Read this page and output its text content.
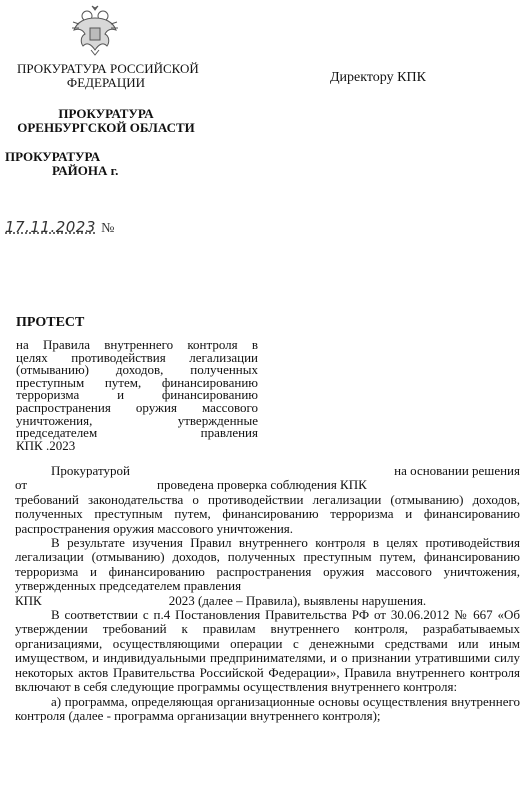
ПРОКУРАТУРА РОССИЙСКОЙ
ФЕДЕРАЦИИ
ПРОКУРАТУРА
ОРЕНБУРГСКОЙ ОБЛАСТИ
ПРОКУРАТУРА
РАЙОНА г.
Директору КПК
17.11.2023 №
ПРОТЕСТ
на Правила внутреннего контроля в
целях противодействия легализации
(отмыванию) доходов, полученных
преступным путем, финансированию
терроризма и финансированию
распространения оружия массового
уничтожения, утвержденные
председателем правления
КПК .2023
Прокуратурой	на основании решения
от	проведена проверка соблюдения КПК

требований законодательства о противодействии легализации (отмыванию) доходов, полученных преступным путем, финансированию терроризма и финансированию распространения оружия массового уничтожения.

В результате изучения Правил внутреннего контроля в целях противодействия легализации (отмыванию) доходов, полученных преступным путем, финансированию терроризма и финансированию распространения оружия массового уничтожения, утвержденных председателем правления

КПК	2023 (далее – Правила), выявлены нарушения.

В соответствии с п.4 Постановления Правительства РФ от 30.06.2012 № 667 «Об утверждении требований к правилам внутреннего контроля, разрабатываемых организациями, осуществляющими операции с денежными средствами или иным имуществом, и индивидуальными предпринимателями, и о признании утратившими силу некоторых актов Правительства Российской Федерации», Правила внутреннего контроля включают в себя следующие программы осуществления внутреннего контроля:

а) программа, определяющая организационные основы осуществления внутреннего контроля (далее - программа организации внутреннего контроля);
